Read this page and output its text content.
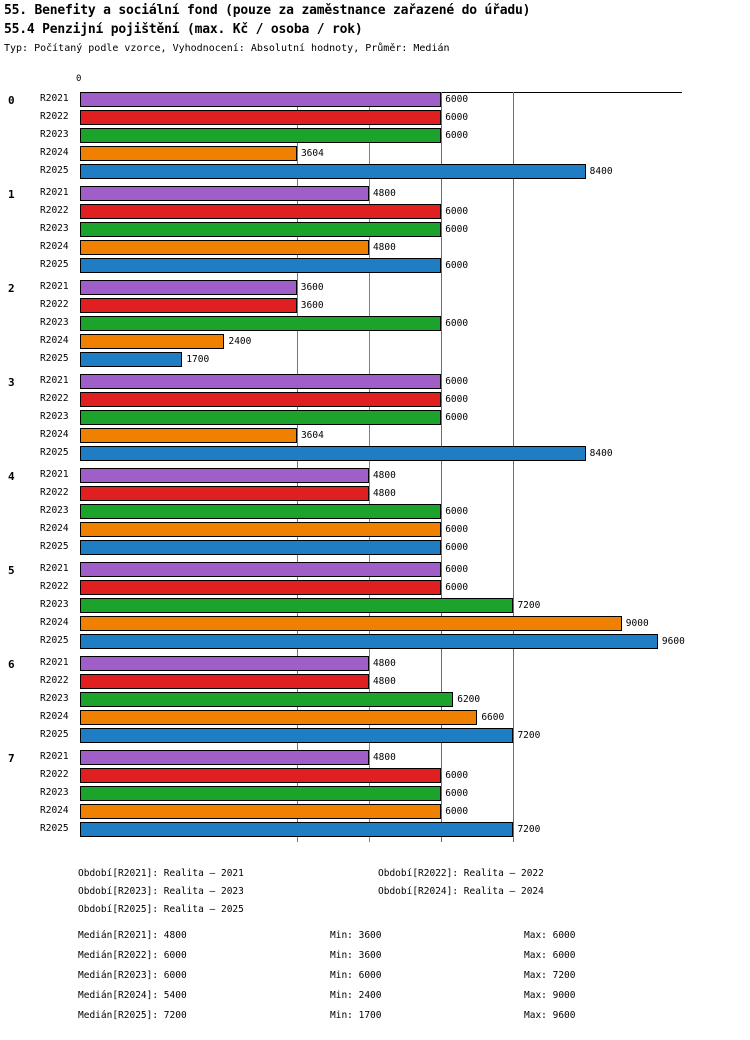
55. Benefity a sociální fond (pouze za zaměstnance zařazené do úřadu)
55.4 Penzijní pojištění (max. Kč / osoba / rok)
Typ: Počítaný podle vzorce, Vyhodnocení: Absolutní hodnoty, Průměr: Medián
0
0	R2021	6000
R2022	6000
R2023	6000
R2024	3604
R2025	8400
1	R2021	4800
R2022	6000
R2023	6000
R2024	4800
R2025	6000
2	R2021	3600
R2022	3600
R2023	6000
R2024	2400
R2025	1700
3	R2021	6000
R2022	6000
R2023	6000
R2024	3604
R2025	8400
4	R2021	4800
R2022	4800
R2023	6000
R2024	6000
R2025	6000
5	R2021	6000
R2022	6000
R2023	7200
R2024	9000
R2025	9600
6	R2021	4800
R2022	4800
R2023	6200
R2024	6600
R2025	7200
7	R2021	4800
R2022	6000
R2023	6000
R2024	6000
R2025	7200
Období[R2021]: Realita – 2021	Období[R2022]: Realita – 2022
Období[R2023]: Realita – 2023	Období[R2024]: Realita – 2024
Období[R2025]: Realita – 2025
Medián[R2021]: 4800	Min: 3600	Max: 6000
Medián[R2022]: 6000	Min: 3600	Max: 6000
Medián[R2023]: 6000	Min: 6000	Max: 7200
Medián[R2024]: 5400	Min: 2400	Max: 9000
Medián[R2025]: 7200	Min: 1700	Max: 9600
